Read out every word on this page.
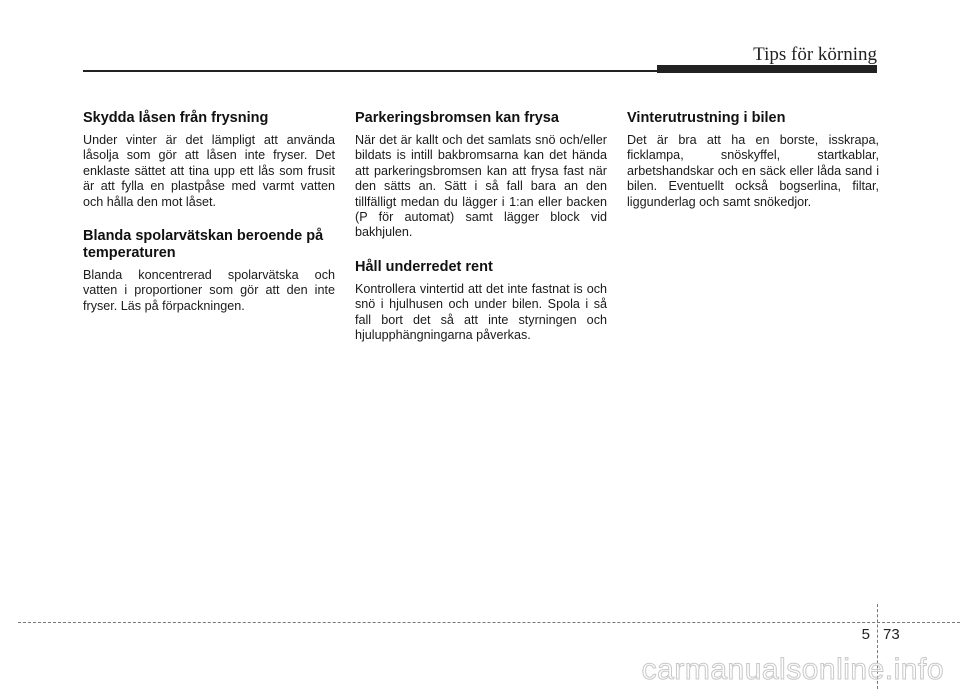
Tips för körning
Skydda låsen från frysning

Under vinter är det lämpligt att använda låsolja som gör att låsen inte fryser. Det enklaste sättet att tina upp ett lås som frusit är att fylla en plastpåse med varmt vatten och hålla den mot låset.

Blanda spolarvätskan beroende på temperaturen

Blanda koncentrerad spolarvätska och vatten i proportioner som gör att den inte fryser. Läs på förpackningen.

Parkeringsbromsen kan frysa

När det är kallt och det samlats snö och/eller bildats is intill bakbromsarna kan det hända att parkeringsbromsen kan att frysa fast när den sätts an. Sätt i så fall bara an den tillfälligt medan du lägger i 1:an eller backen (P för automat) samt lägger block vid bakhjulen.

Håll underredet rent

Kontrollera vintertid att det inte fastnat is och snö i hjulhusen och under bilen. Spola i så fall bort det så att inte styrningen och hjulupphängningarna påverkas.

Vinterutrustning i bilen

Det är bra att ha en borste, isskrapa, ficklampa, snöskyffel, startkablar, arbetshandskar och en säck eller låda sand i bilen. Eventuellt också bogserlina, filtar, liggunderlag och samt snökedjor.

5 73
carmanualsonline.info
